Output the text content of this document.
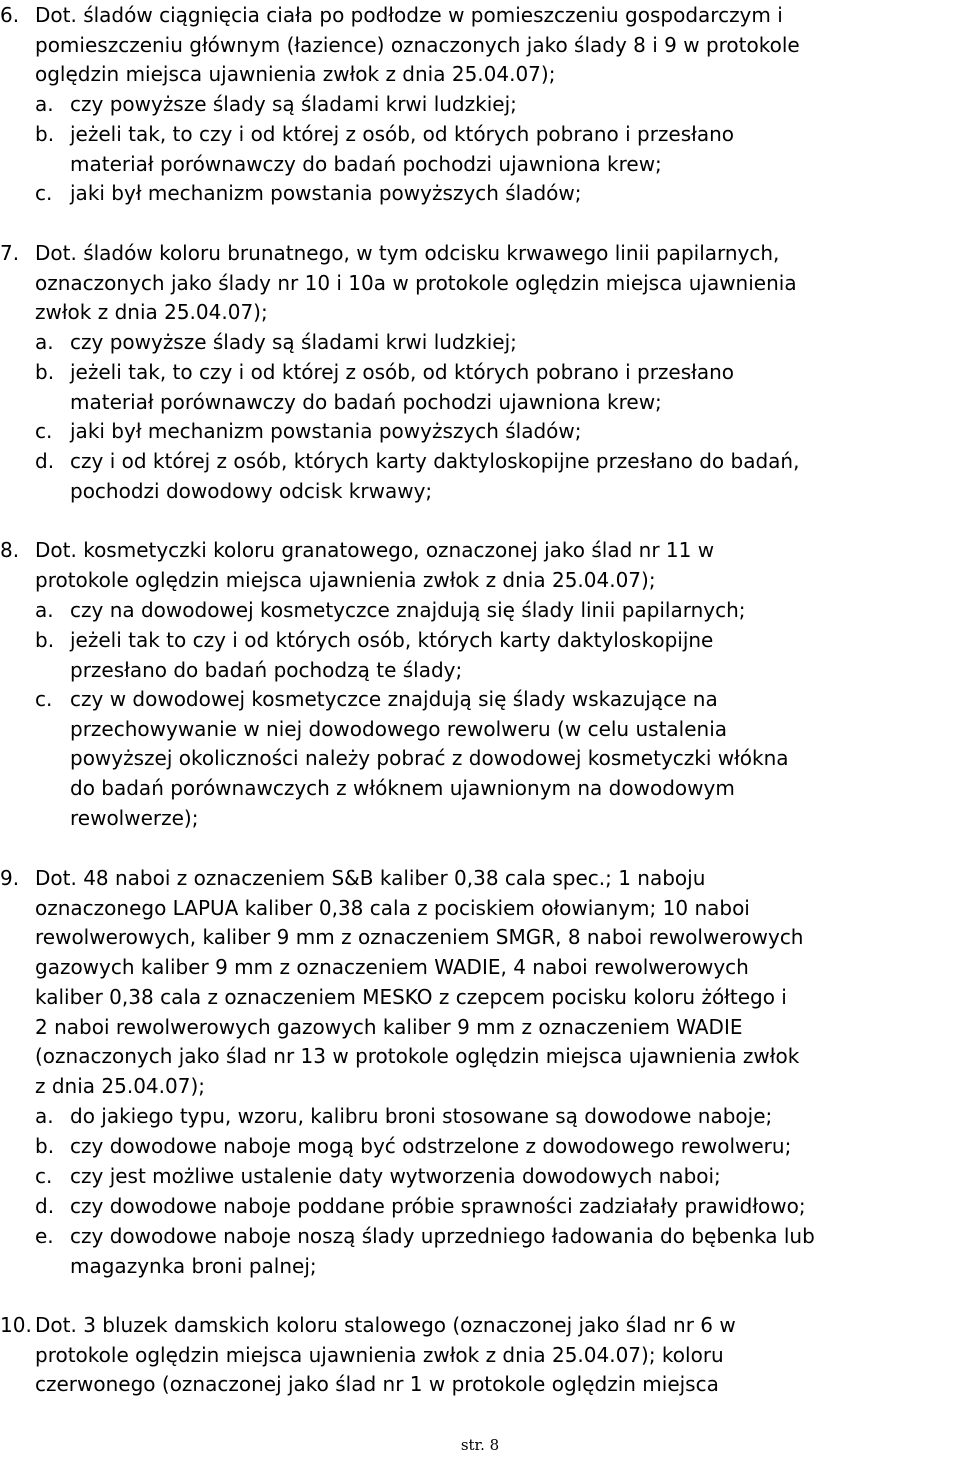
6. Dot. śladów ciągnięcia ciała po podłodze w pomieszczeniu gospodarczym i
pomieszczeniu głównym (łazience) oznaczonych jako ślady 8 i 9 w protokole
oględzin miejsca ujawnienia zwłok z dnia 25.04.07);
a. czy powyższe ślady są śladami krwi ludzkiej;
b. jeżeli tak, to czy i od której z osób, od których pobrano i przesłano
materiał porównawczy do badań pochodzi ujawniona krew;
c. jaki był mechanizm powstania powyższych śladów;
7. Dot. śladów koloru brunatnego, w tym odcisku krwawego linii papilarnych,
oznaczonych jako ślady nr 10 i 10a w protokole oględzin miejsca ujawnienia
zwłok z dnia 25.04.07);
a. czy powyższe ślady są śladami krwi ludzkiej;
b. jeżeli tak, to czy i od której z osób, od których pobrano i przesłano
materiał porównawczy do badań pochodzi ujawniona krew;
c. jaki był mechanizm powstania powyższych śladów;
d. czy i od której z osób, których karty daktyloskopijne przesłano do badań,
pochodzi dowodowy odcisk krwawy;
8. Dot. kosmetyczki koloru granatowego, oznaczonej jako ślad nr 11 w
protokole oględzin miejsca ujawnienia zwłok z dnia 25.04.07);
a. czy na dowodowej kosmetyczce znajdują się ślady linii papilarnych;
b. jeżeli tak to czy i od których osób, których karty daktyloskopijne
przesłano do badań pochodzą te ślady;
c. czy w dowodowej kosmetyczce znajdują się ślady wskazujące na
przechowywanie w niej dowodowego rewolweru (w celu ustalenia
powyższej okoliczności należy pobrać z dowodowej kosmetyczki włókna
do badań porównawczych z włóknem ujawnionym na dowodowym
rewolwerze);
9. Dot. 48 naboi z oznaczeniem S&B kaliber 0,38 cala spec.; 1 naboju
oznaczonego LAPUA kaliber 0,38 cala z pociskiem ołowianym; 10 naboi
rewolwerowych, kaliber 9 mm z oznaczeniem SMGR, 8 naboi rewolwerowych
gazowych kaliber 9 mm z oznaczeniem WADIE, 4 naboi rewolwerowych
kaliber 0,38 cala z oznaczeniem MESKO z czepcem pocisku koloru żółtego i
2 naboi rewolwerowych gazowych kaliber 9 mm z oznaczeniem WADIE
(oznaczonych jako ślad nr 13 w protokole oględzin miejsca ujawnienia zwłok
z dnia 25.04.07);
a. do jakiego typu, wzoru, kalibru broni stosowane są dowodowe naboje;
b. czy dowodowe naboje mogą być odstrzelone z dowodowego rewolweru;
c. czy jest możliwe ustalenie daty wytworzenia dowodowych naboi;
d. czy dowodowe naboje poddane próbie sprawności zadziałały prawidłowo;
e. czy dowodowe naboje noszą ślady uprzedniego ładowania do bębenka lub
magazynka broni palnej;
10. Dot. 3 bluzek damskich koloru stalowego (oznaczonej jako ślad nr 6 w
protokole oględzin miejsca ujawnienia zwłok z dnia 25.04.07); koloru
czerwonego (oznaczonej jako ślad nr 1 w protokole oględzin miejsca
str. 8
